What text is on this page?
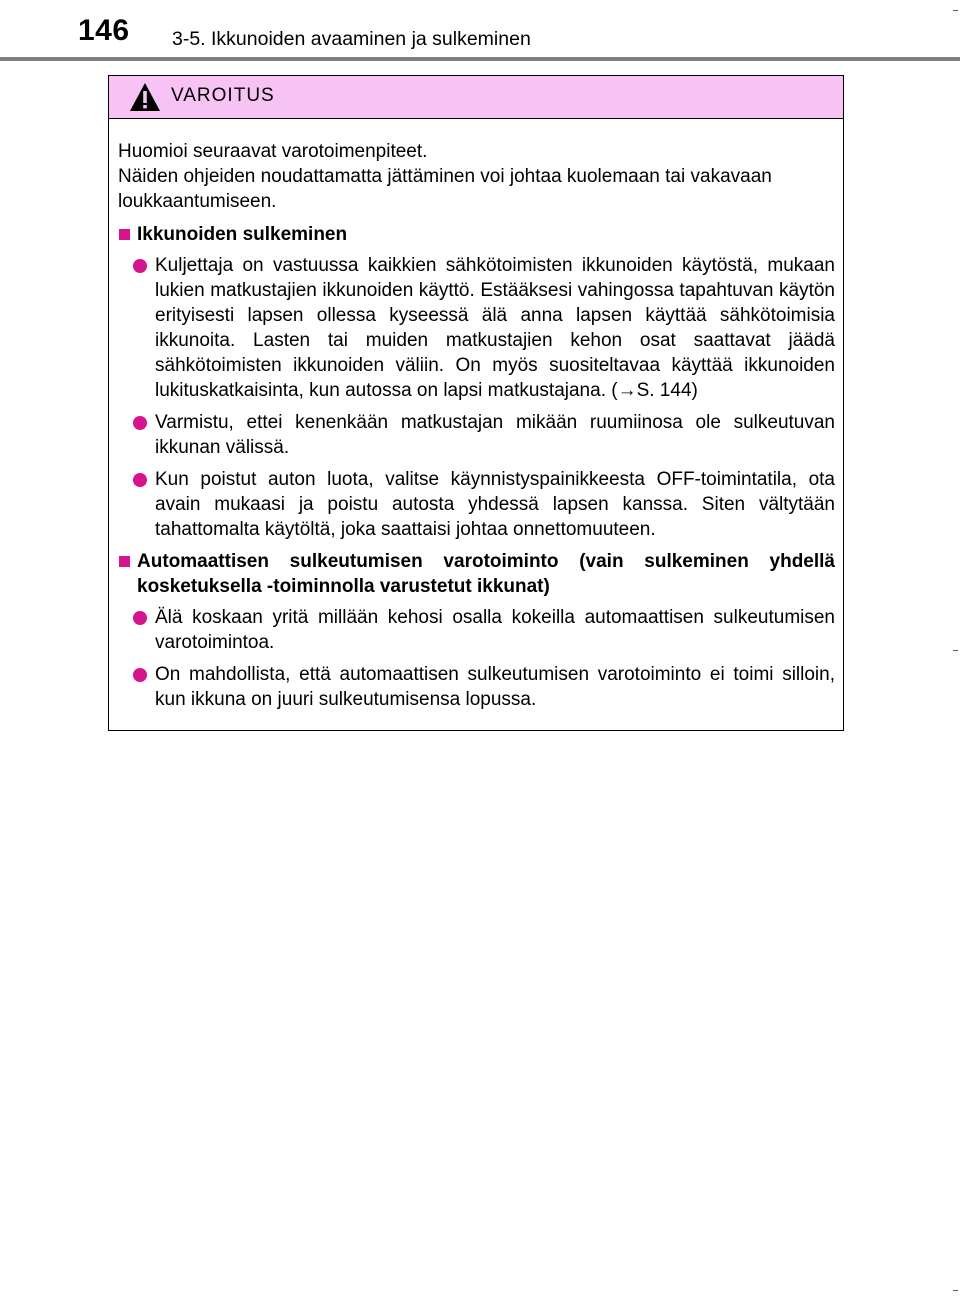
146 3-5. Ikkunoiden avaaminen ja sulkeminen
VAROITUS

Huomioi seuraavat varotoimenpiteet.

Näiden ohjeiden noudattamatta jättäminen voi johtaa kuolemaan tai vakavaan loukkaantumiseen.

Ikkunoiden sulkeminen
Kuljettaja on vastuussa kaikkien sähkötoimisten ikkunoiden käytöstä, mukaan lukien matkustajien ikkunoiden käyttö. Estääksesi vahingossa tapahtuvan käytön erityisesti lapsen ollessa kyseessä älä anna lapsen käyttää sähkötoimisia ikkunoita. Lasten tai muiden matkustajien kehon osat saattavat jäädä sähkötoimisten ikkunoiden väliin. On myös suositeltavaa käyttää ikkunoiden lukituskatkaisinta, kun autossa on lapsi matkustajana. (→S. 144)
Varmistu, ettei kenenkään matkustajan mikään ruumiinosa ole sulkeutuvan ikkunan välissä.
Kun poistut auton luota, valitse käynnistyspainikkeesta OFF-toimintatila, ota avain mukaasi ja poistu autosta yhdessä lapsen kanssa. Siten vältytään tahattomalta käytöltä, joka saattaisi johtaa onnettomuuteen.
Automaattisen sulkeutumisen varotoiminto (vain sulkeminen yhdellä kosketuksella -toiminnolla varustetut ikkunat)
Älä koskaan yritä millään kehosi osalla kokeilla automaattisen sulkeutumisen varotoimintoa.
On mahdollista, että automaattisen sulkeutumisen varotoiminto ei toimi silloin, kun ikkuna on juuri sulkeutumisensa lopussa.
